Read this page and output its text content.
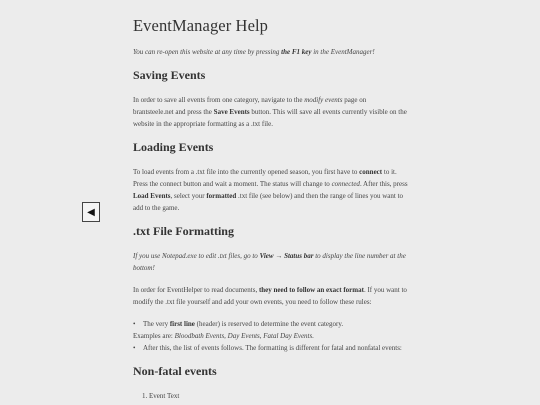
◀
EventManager Help

You can re-open this website at any time by pressing the F1 key in the EventManager!

Saving Events

In order to save all events from one category, navigate to the modify events page on brantsteele.net and press the Save Events button. This will save all events currently visible on the website in the appropriate formatting as a .txt file.

Loading Events

To load events from a .txt file into the currently opened season, you first have to connect to it. Press the connect button and wait a moment. The status will change to connected. After this, press Load Events, select your formatted .txt file (see below) and then the range of lines you want to add to the game.

.txt File Formatting

If you use Notepad.exe to edit .txt files, go to View → Status bar to display the line number at the bottom!

In order for EventHelper to read documents, they need to follow an exact format. If you want to modify the .txt file yourself and add your own events, you need to follow these rules:

• The very first line (header) is reserved to determine the event category.
Examples are: Bloodbath Events, Day Events, Fatal Day Events.
• After this, the list of events follows. The formatting is different for fatal and nonfatal events:
Non-fatal events
1. Event Text
